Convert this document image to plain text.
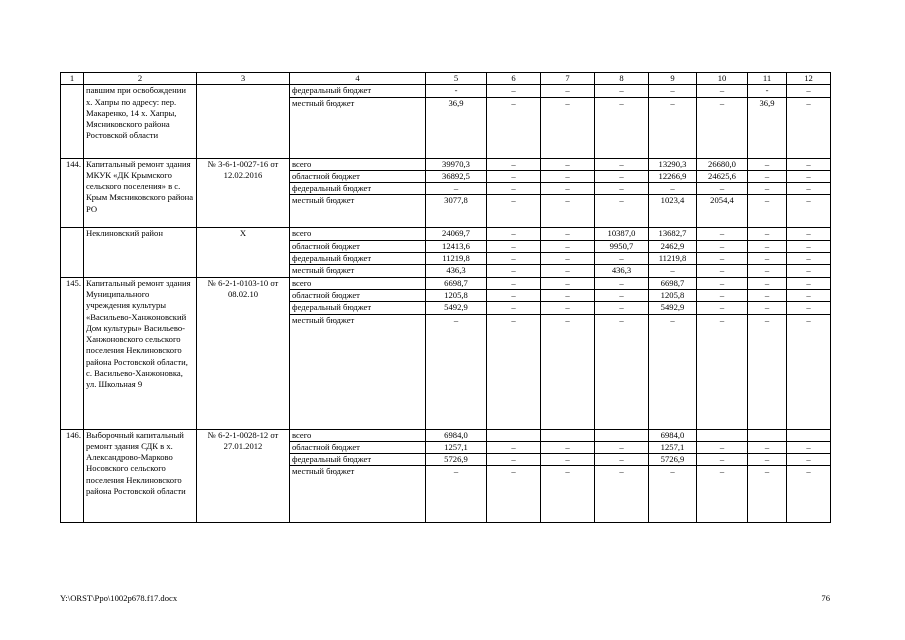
1	2	3	4	5	6	7	8	9	10	11	12
	павшим при освобождении х. Хапры по адресу: пер. Макаренко, 14 х. Хапры, Мясниковского района Ростовской области		федеральный бюджет	-	–	–	–	–	–	-	–
			местный бюджет	36,9	–	–	–	–	–	36,9	–
144.	Капитальный ремонт здания МКУК «ДК Крымского сельского поселения» в с. Крым Мясниковского района РО	№ 3-6-1-0027-16 от 12.02.2016	всего	39970,3	–	–	–	13290,3	26680,0	–	–
			областной бюджет	36892,5	–	–	–	12266,9	24625,6	–	–
			федеральный бюджет	–	–	–	–	–	–	–	–
			местный бюджет	3077,8	–	–	–	1023,4	2054,4	–	–
	Неклиновский район	Х	всего	24069,7	–	–	10387,0	13682,7	–	–	–
			областной бюджет	12413,6	–	–	9950,7	2462,9	–	–	–
			федеральный бюджет	11219,8	–	–	–	11219,8	–	–	–
			местный бюджет	436,3	–	–	436,3	–	–	–	–
145.	Капитальный ремонт здания Муниципального учреждения культуры «Васильево-Ханжоновский Дом культуры» Васильево-Ханжоновского сельского поселения Неклиновского района Ростовской области, с. Васильево-Ханжоновка, ул. Школьная 9	№ 6-2-1-0103-10 от 08.02.10	всего	6698,7	–	–	–	6698,7	–	–	–
			областной бюджет	1205,8	–	–	–	1205,8	–	–	–
			федеральный бюджет	5492,9	–	–	–	5492,9	–	–	–
			местный бюджет	–	–	–	–	–	–	–	–
146.	Выборочный капитальный ремонт здания СДК в х. Александрово-Марково Носовского сельского поселения Неклиновского района Ростовской области	№ 6-2-1-0028-12 от 27.01.2012	всего	6984,0				6984,0			
			областной бюджет	1257,1	–	–	–	1257,1	–	–	–
			федеральный бюджет	5726,9	–	–	–	5726,9	–	–	–
			местный бюджет	–	–	–	–	–	–	–	–
Y:\ORST\Ppo\1002p678.f17.docx	76
